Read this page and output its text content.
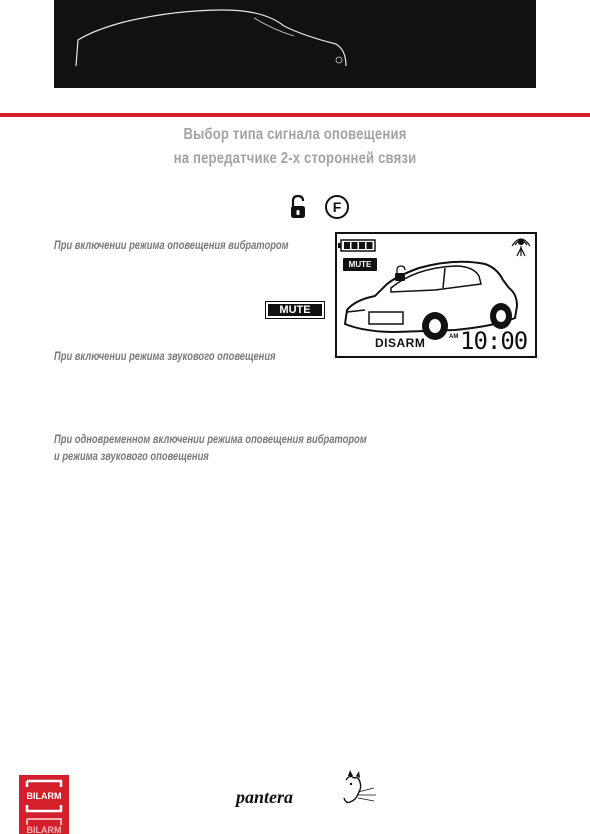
Выбор типа сигнала оповещения
на передатчике 2-х сторонней связи
F
При включении режима оповещения вибратором
MUTE
При включении режима звукового оповещения
При одновременном включении режима оповещения вибратором
и режима звукового оповещения
MUTE
DISARM	AM 10:00
BILARM
BILARM
pantera
